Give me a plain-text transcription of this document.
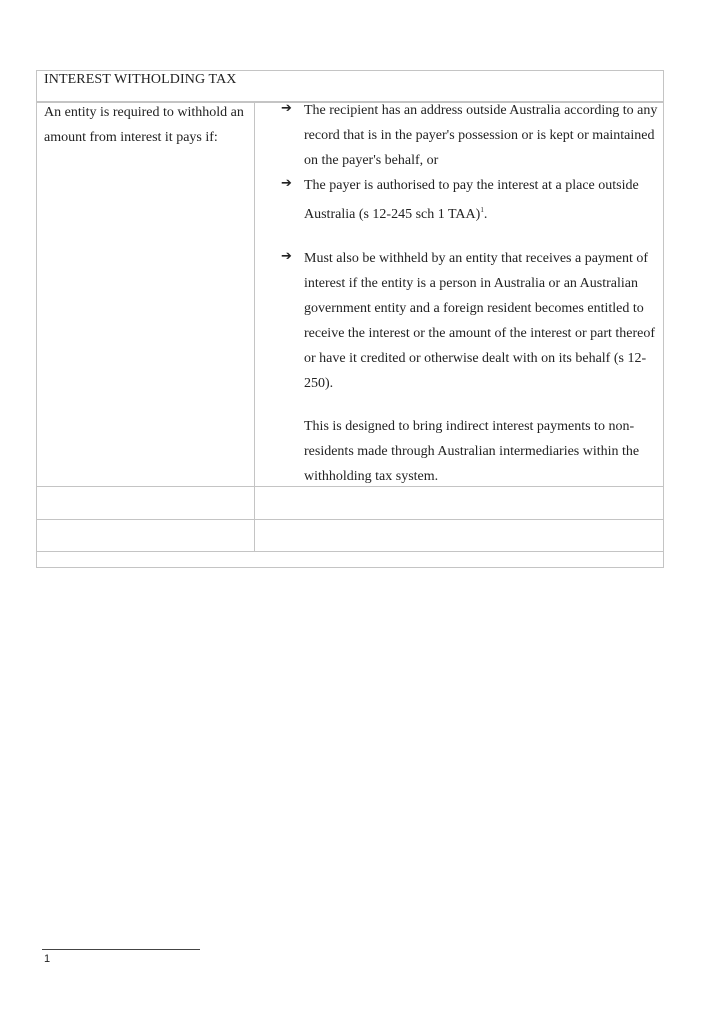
INTEREST WITHOLDING TAX
An entity is required to withhold an amount from interest it pays if:
➔ The recipient has an address outside Australia according to any record that is in the payer's possession or is kept or maintained on the payer's behalf, or
➔ The payer is authorised to pay the interest at a place outside Australia (s 12-245 sch 1 TAA)$^1$.
➔ Must also be withheld by an entity that receives a payment of interest if the entity is a person in Australia or an Australian government entity and a foreign resident becomes entitled to receive the interest or the amount of the interest or part thereof or have it credited or otherwise dealt with on its behalf (s 12-250).
This is designed to bring indirect interest payments to non-residents made through Australian intermediaries within the withholding tax system.
1
